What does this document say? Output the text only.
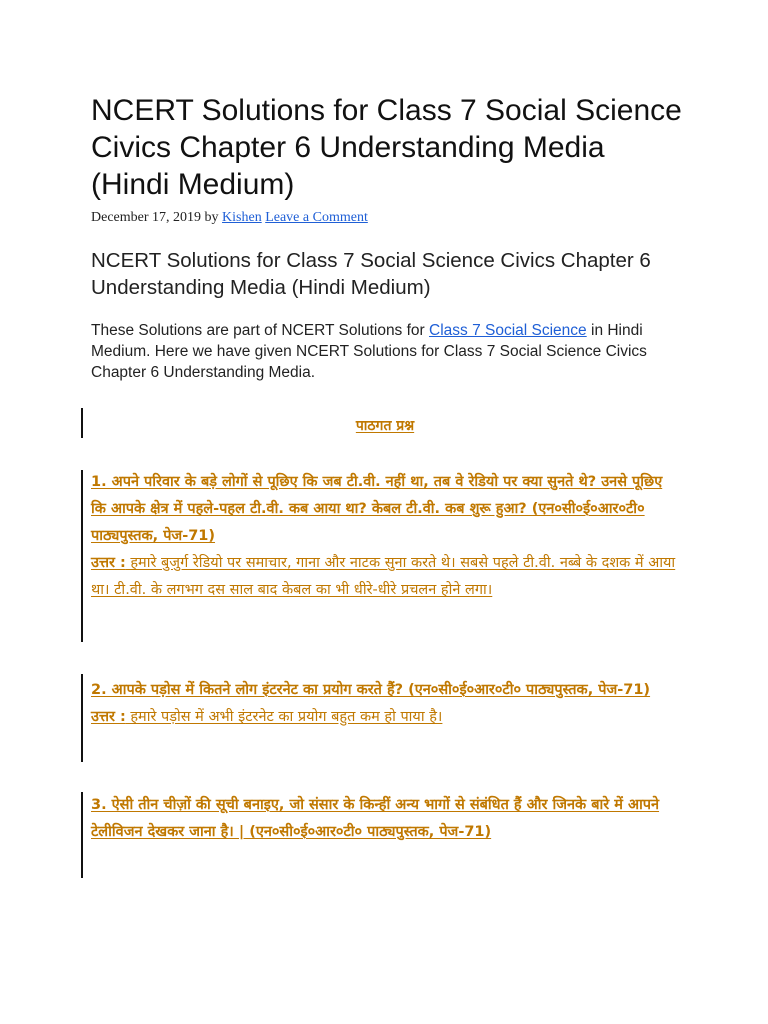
NCERT Solutions for Class 7 Social Science Civics Chapter 6 Understanding Media (Hindi Medium)
December 17, 2019 by Kishen Leave a Comment
NCERT Solutions for Class 7 Social Science Civics Chapter 6 Understanding Media (Hindi Medium)

These Solutions are part of NCERT Solutions for Class 7 Social Science in Hindi Medium. Here we have given NCERT Solutions for Class 7 Social Science Civics Chapter 6 Understanding Media.

पाठगत प्रश्न

1. अपने परिवार के बड़े लोगों से पूछिए कि जब टी.वी. नहीं था, तब वे रेडियो पर क्या सुनते थे? उनसे पूछिए कि आपके क्षेत्र में पहले-पहल टी.वी. कब आया था? केबल टी.वी. कब शुरू हुआ? (एन०सी०ई०आर०टी० पाठ्यपुस्तक, पेज-71)
उत्तर : हमारे बुजुर्ग रेडियो पर समाचार, गाना और नाटक सुना करते थे। सबसे पहले टी.वी. नब्बे के दशक में आया था। टी.वी. के लगभग दस साल बाद केबल का भी धीरे-धीरे प्रचलन होने लगा।
2. आपके पड़ोस में कितने लोग इंटरनेट का प्रयोग करते हैं? (एन०सी०ई०आर०टी० पाठ्यपुस्तक, पेज-71)
उत्तर : हमारे पड़ोस में अभी इंटरनेट का प्रयोग बहुत कम हो पाया है।
3. ऐसी तीन चीज़ों की सूची बनाइए, जो संसार के किन्हीं अन्य भागों से संबंधित हैं और जिनके बारे में आपने टेलीविजन देखकर जाना है। | (एन०सी०ई०आर०टी० पाठ्यपुस्तक, पेज-71)
